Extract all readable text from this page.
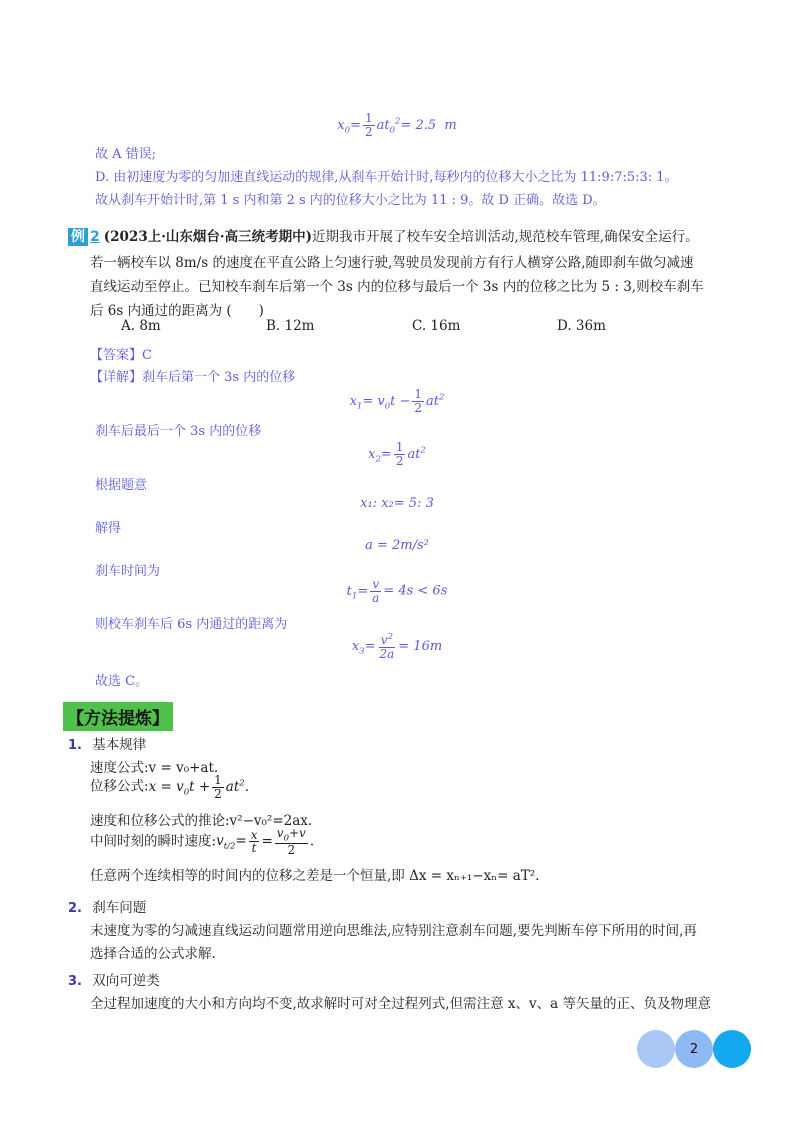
$x_0= \frac{1}{2} at_0^2= 2.5$  m
故 A 错误;
D. 由初速度为零的匀加速直线运动的规律,从刹车开始计时,每秒内的位移大小之比为 11:9:7:5:3: 1。
故从刹车开始计时,第 1 s 内和第 2 s 内的位移大小之比为 11 : 9。故 D 正确。故选 D。
例 2 (2023上·山东烟台·高三统考期中)近期我市开展了校车安全培训活动,规范校车管理,确保安全运行。
若一辆校车以 8m/s 的速度在平直公路上匀速行驶,驾驶员发现前方有行人横穿公路,随即刹车做匀减速
直线运动至停止。已知校车刹车后第一个 3s 内的位移与最后一个 3s 内的位移之比为 5 : 3,则校车刹车
后 6s 内通过的距离为 (　　)
A. 8m	B. 12m	C. 16m	D. 36m
【答案】C
【详解】刹车后第一个 3s 内的位移
$x_1= v_0t - \frac{1}{2} at^2$
刹车后最后一个 3s 内的位移
$x_2= \frac{1}{2} at^2$
根据题意
x₁: x₂= 5: 3
解得
a = 2m/s²
刹车时间为
$t_1= \frac{v}{a} = 4s < 6s$
则校车刹车后 6s 内通过的距离为
$x_3= \frac{v^2}{2a} = 16m$
故选 C。
【方法提炼】
1. 基本规律
速度公式:v = v₀+at.
位移公式:x = $v_0t + \frac{1}{2} at^2$.
速度和位移公式的推论:v²−v₀²=2ax.
中间时刻的瞬时速度$:v_{t/2}= \frac{x}{t} = \frac{v_0+v}{2}$ .
任意两个连续相等的时间内的位移之差是一个恒量,即 Δx = xₙ₊₁−xₙ= aT².
2. 刹车问题
末速度为零的匀减速直线运动问题常用逆向思维法,应特别注意刹车问题,要先判断车停下所用的时间,再
选择合适的公式求解.
3. 双向可逆类
全过程加速度的大小和方向均不变,故求解时可对全过程列式,但需注意 x、v、a 等矢量的正、负及物理意
2
